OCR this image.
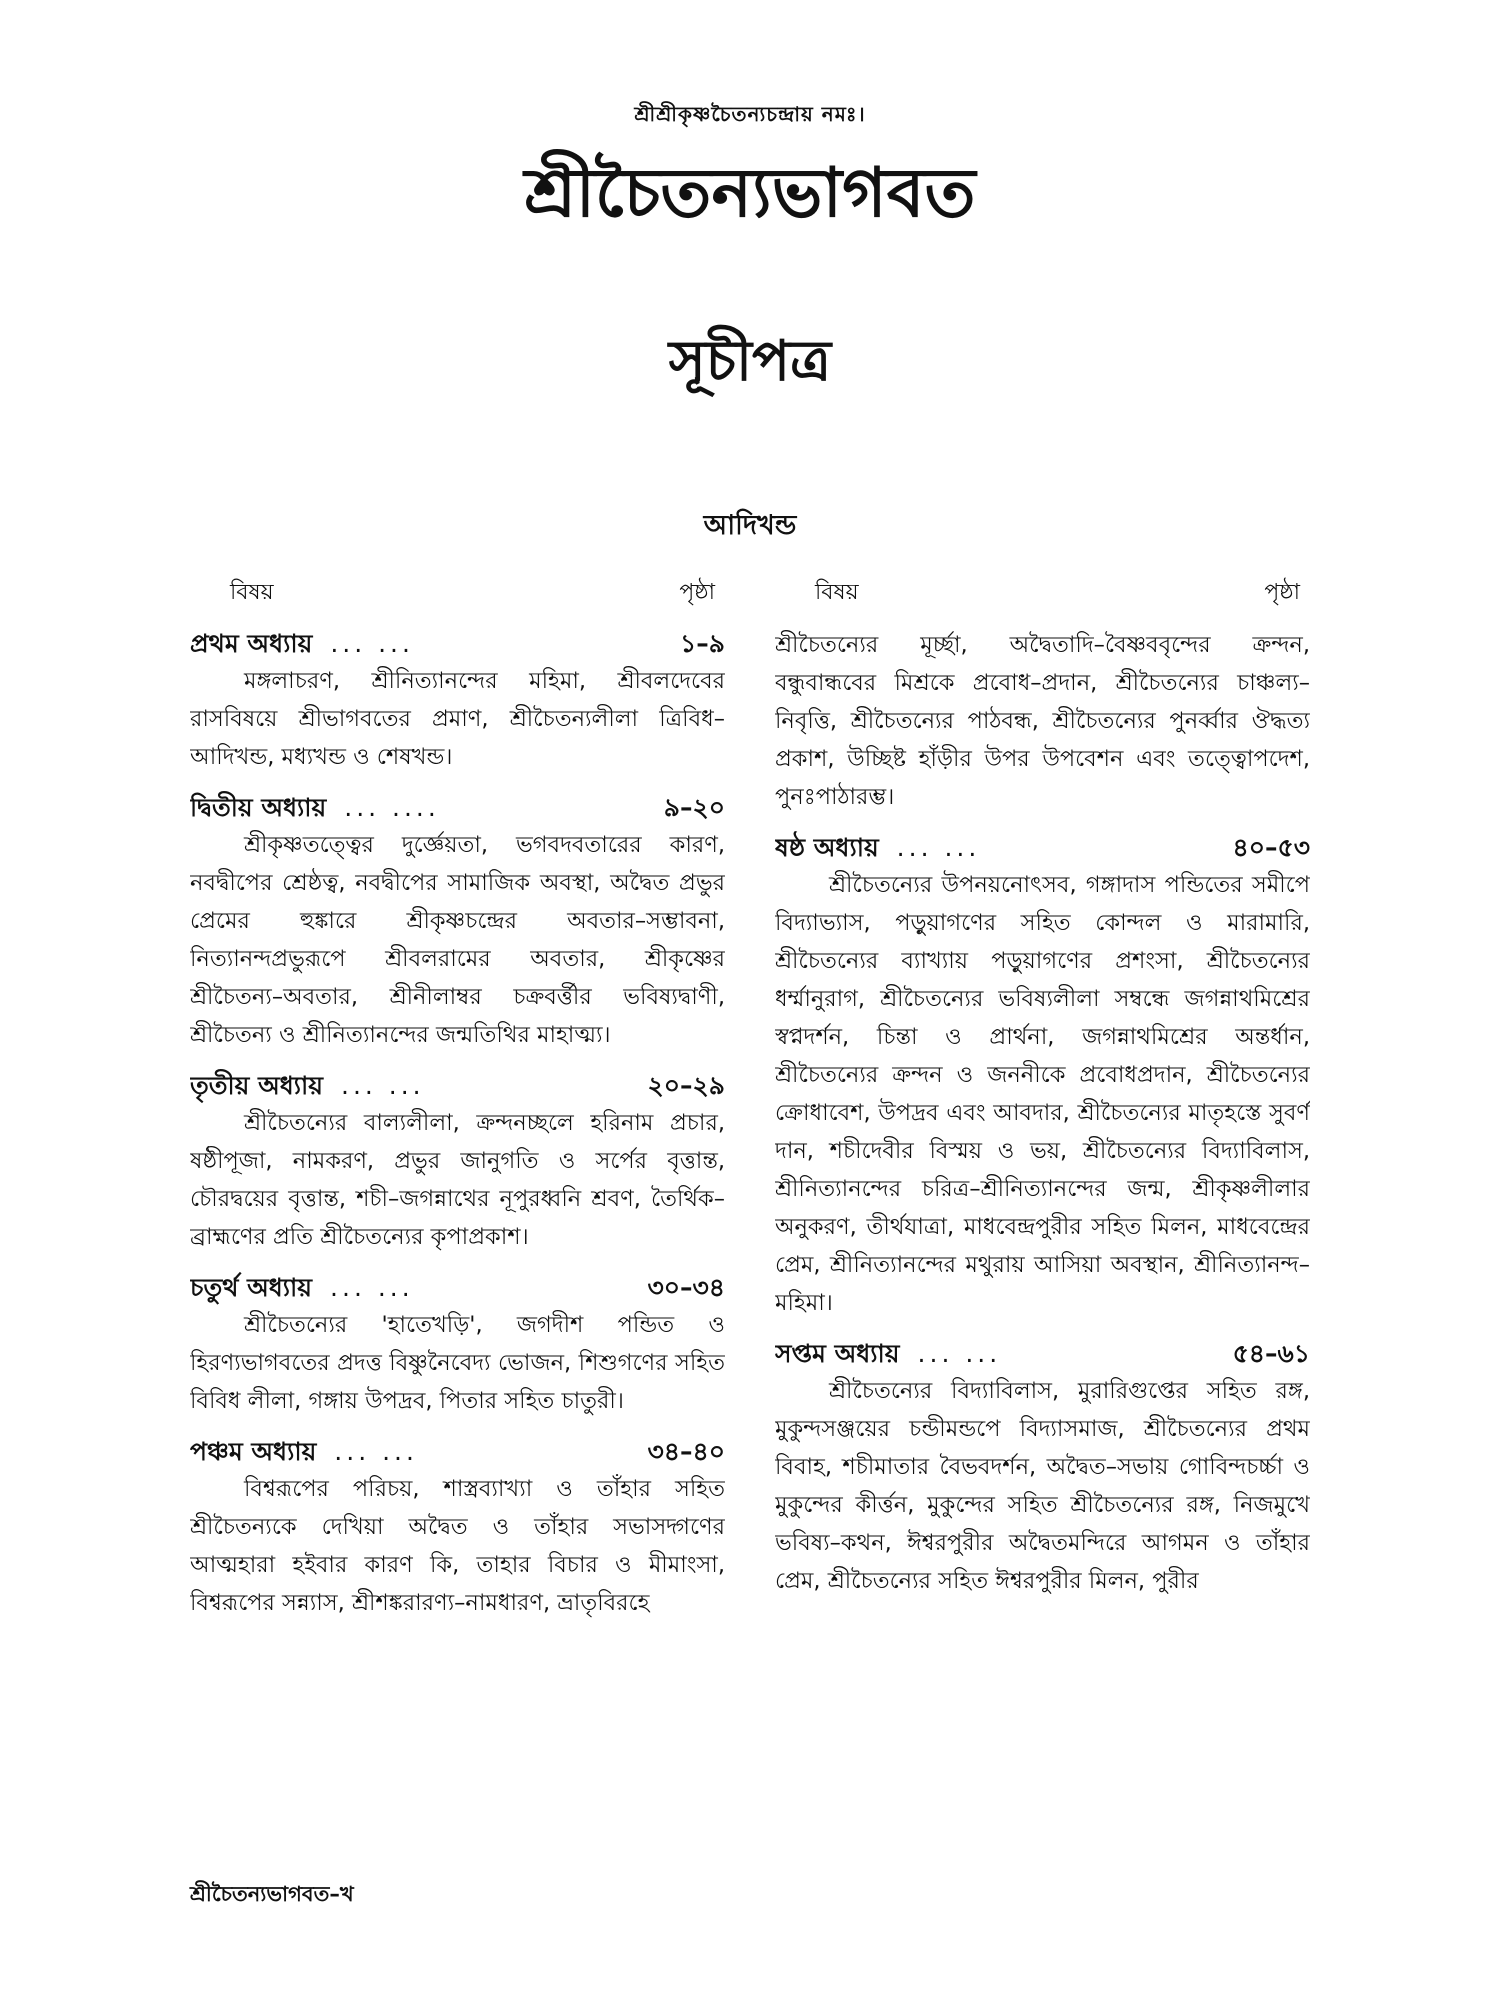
শ্রীশ্রীকৃষ্ণচৈতন্যচন্দ্রায় নমঃ।
শ্রীচৈতন্যভাগবত
সূচীপত্র
আদিখন্ড
বিষয়	পৃষ্ঠা
প্রথম অধ্যায় ... ...	১–৯

মঙ্গলাচরণ, শ্রীনিত্যানন্দের মহিমা, শ্রীবলদেবের রাসবিষয়ে শ্রীভাগবতের প্রমাণ, শ্রীচৈতন্যলীলা ত্রিবিধ–আদিখন্ড, মধ্যখন্ড ও শেষখন্ড।

দ্বিতীয় অধ্যায় ... ....	৯–২০

শ্রীকৃষ্ণতত্ত্বের দুর্জ্ঞেয়তা, ভগবদবতারের কারণ, নবদ্বীপের শ্রেষ্ঠত্ব, নবদ্বীপের সামাজিক অবস্থা, অদ্বৈত প্রভুর প্রেমের হুঙ্কারে শ্রীকৃষ্ণচন্দ্রের অবতার–সম্ভাবনা, নিত্যানন্দপ্রভুরূপে শ্রীবলরামের অবতার, শ্রীকৃষ্ণের শ্রীচৈতন্য–অবতার, শ্রীনীলাম্বর চক্রবর্ত্তীর ভবিষ্যদ্বাণী, শ্রীচৈতন্য ও শ্রীনিত্যানন্দের জন্মতিথির মাহাত্ম্য।

তৃতীয় অধ্যায় ... ...	২০–২৯

শ্রীচৈতন্যের বাল্যলীলা, ক্রন্দনচ্ছলে হরিনাম প্রচার, ষষ্ঠীপূজা, নামকরণ, প্রভুর জানুগতি ও সর্পের বৃত্তান্ত, চৌরদ্বয়ের বৃত্তান্ত, শচী–জগন্নাথের নূপুরধ্বনি শ্রবণ, তৈর্থিক– ব্রাহ্মণের প্রতি শ্রীচৈতন্যের কৃপাপ্রকাশ।

চতুর্থ অধ্যায় ... ...	৩০–৩৪

শ্রীচৈতন্যের 'হাতেখড়ি', জগদীশ পন্ডিত ও হিরণ্যভাগবতের প্রদত্ত বিষ্ণুনৈবেদ্য ভোজন, শিশুগণের সহিত বিবিধ লীলা, গঙ্গায় উপদ্রব, পিতার সহিত চাতুরী।

পঞ্চম অধ্যায় ... ...	৩৪–৪০

বিশ্বরূপের পরিচয়, শাস্ত্রব্যাখ্যা ও তাঁহার সহিত শ্রীচৈতন্যকে দেখিয়া অদ্বৈত ও তাঁহার সভাসদ্গণের আত্মহারা হইবার কারণ কি, তাহার বিচার ও মীমাংসা, বিশ্বরূপের সন্ন্যাস, শ্রীশঙ্করারণ্য–নামধারণ, ভ্রাতৃবিরহে

বিষয়	পৃষ্ঠা

শ্রীচৈতন্যের মূর্চ্ছা, অদ্বৈতাদি–বৈষ্ণববৃন্দের ক্রন্দন, বন্ধুবান্ধবের মিশ্রকে প্রবোধ–প্রদান, শ্রীচৈতন্যের চাঞ্চল্য–নিবৃত্তি, শ্রীচৈতন্যের পাঠবন্ধ, শ্রীচৈতন্যের পুনর্ব্বার ঔদ্ধত্য প্রকাশ, উচ্ছিষ্ট হাঁড়ীর উপর উপবেশন এবং তত্ত্বোপদেশ, পুনঃপাঠারম্ভ।

ষষ্ঠ অধ্যায় ... ...	৪০–৫৩

শ্রীচৈতন্যের উপনয়নোৎসব, গঙ্গাদাস পন্ডিতের সমীপে বিদ্যাভ্যাস, পড়ুয়াগণের সহিত কোন্দল ও মারামারি, শ্রীচৈতন্যের ব্যাখ্যায় পড়ুয়াগণের প্রশংসা, শ্রীচৈতন্যের ধর্ম্মানুরাগ, শ্রীচৈতন্যের ভবিষ্যলীলা সম্বন্ধে জগন্নাথমিশ্রের স্বপ্নদর্শন, চিন্তা ও প্রার্থনা, জগন্নাথমিশ্রের অন্তর্ধান, শ্রীচৈতন্যের ক্রন্দন ও জননীকে প্রবোধপ্রদান, শ্রীচৈতন্যের ক্রোধাবেশ, উপদ্রব এবং আবদার, শ্রীচৈতন্যের মাতৃহস্তে সুবর্ণ দান, শচীদেবীর বিস্ময় ও ভয়, শ্রীচৈতন্যের বিদ্যাবিলাস, শ্রীনিত্যানন্দের চরিত্র–শ্রীনিত্যানন্দের জন্ম, শ্রীকৃষ্ণলীলার অনুকরণ, তীর্থযাত্রা, মাধবেন্দ্রপুরীর সহিত মিলন, মাধবেন্দ্রের প্রেম, শ্রীনিত্যানন্দের মথুরায় আসিয়া অবস্থান, শ্রীনিত্যানন্দ–মহিমা।

সপ্তম অধ্যায় ... ...	৫৪–৬১

শ্রীচৈতন্যের বিদ্যাবিলাস, মুরারিগুপ্তের সহিত রঙ্গ, মুকুন্দসঞ্জয়ের চন্ডীমন্ডপে বিদ্যাসমাজ, শ্রীচৈতন্যের প্রথম বিবাহ, শচীমাতার বৈভবদর্শন, অদ্বৈত–সভায় গোবিন্দচর্চ্চা ও মুকুন্দের কীর্ত্তন, মুকুন্দের সহিত শ্রীচৈতন্যের রঙ্গ, নিজমুখে ভবিষ্য–কথন, ঈশ্বরপুরীর অদ্বৈতমন্দিরে আগমন ও তাঁহার প্রেম, শ্রীচৈতন্যের সহিত ঈশ্বরপুরীর মিলন, পুরীর

শ্রীচৈতন্যভাগবত–খ
